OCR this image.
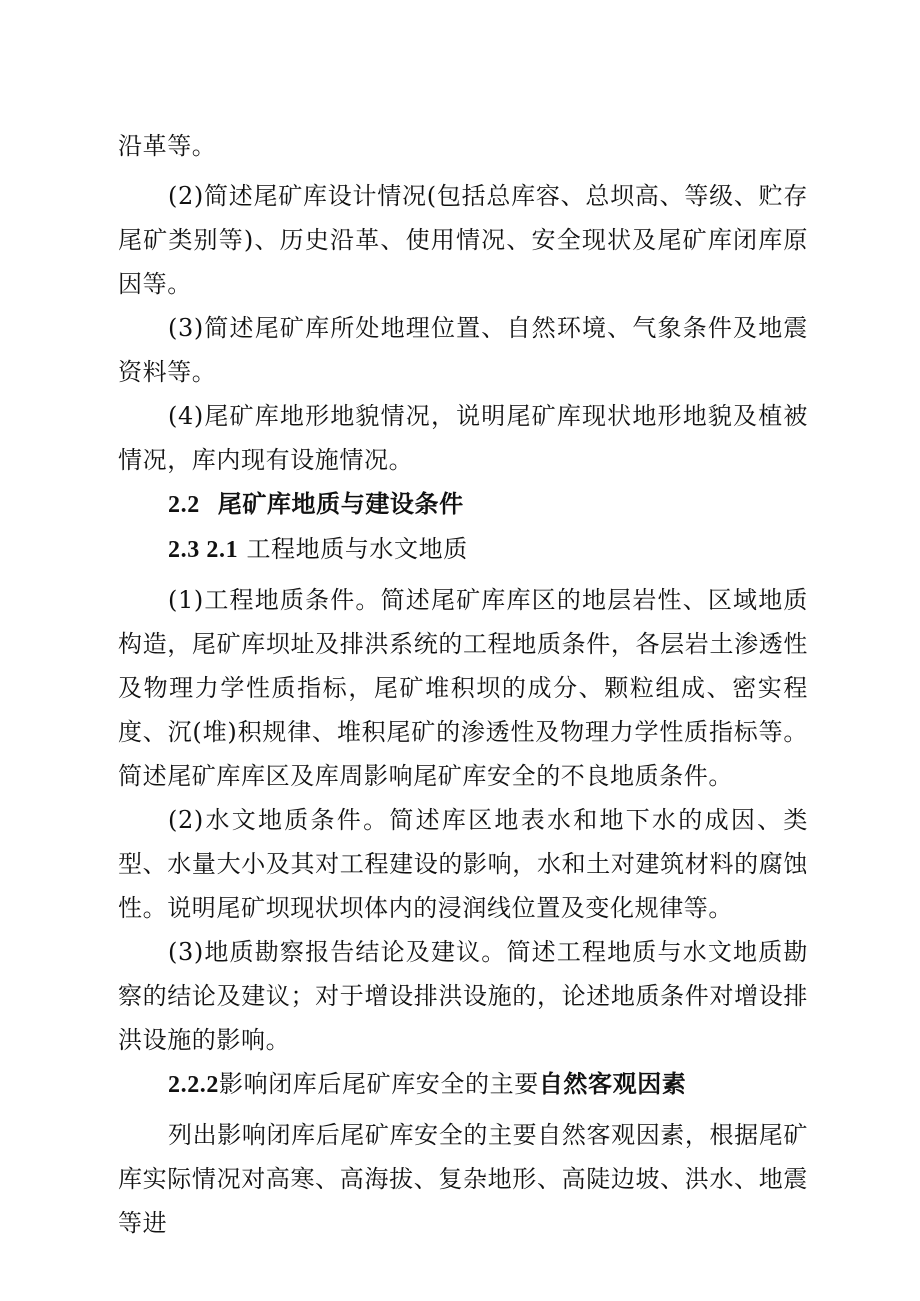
沿革等。

(2)简述尾矿库设计情况(包括总库容、总坝高、等级、贮存尾矿类别等)、历史沿革、使用情况、安全现状及尾矿库闭库原因等。

(3)简述尾矿库所处地理位置、自然环境、气象条件及地震资料等。

(4)尾矿库地形地貌情况，说明尾矿库现状地形地貌及植被情况，库内现有设施情况。

2.2 尾矿库地质与建设条件
2.3 2.1 工程地质与水文地质

(1)工程地质条件。简述尾矿库库区的地层岩性、区域地质构造，尾矿库坝址及排洪系统的工程地质条件，各层岩土渗透性及物理力学性质指标，尾矿堆积坝的成分、颗粒组成、密实程度、沉(堆)积规律、堆积尾矿的渗透性及物理力学性质指标等。简述尾矿库库区及库周影响尾矿库安全的不良地质条件。

(2)水文地质条件。简述库区地表水和地下水的成因、类型、水量大小及其对工程建设的影响，水和土对建筑材料的腐蚀性。说明尾矿坝现状坝体内的浸润线位置及变化规律等。

(3)地质勘察报告结论及建议。简述工程地质与水文地质勘察的结论及建议；对于增设排洪设施的，论述地质条件对增设排洪设施的影响。

2.2.2影响闭库后尾矿库安全的主要自然客观因素

列出影响闭库后尾矿库安全的主要自然客观因素，根据尾矿库实际情况对高寒、高海拔、复杂地形、高陡边坡、洪水、地震等进
